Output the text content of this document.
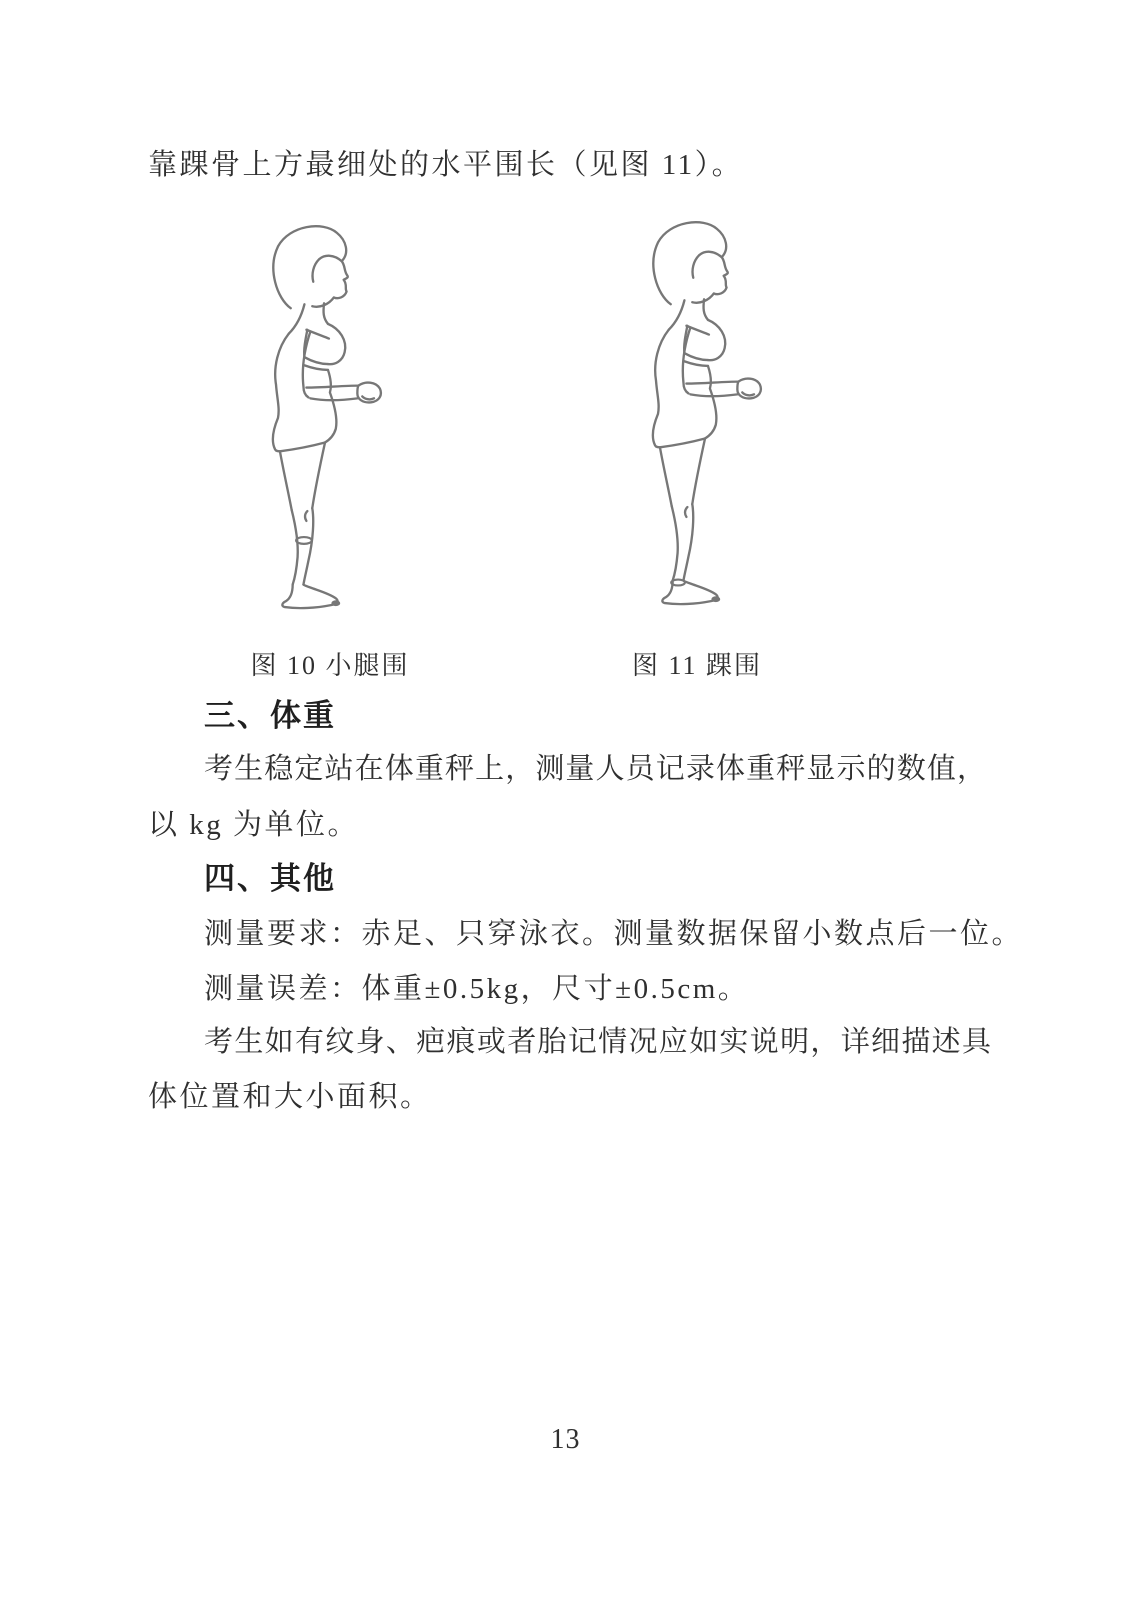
靠踝骨上方最细处的水平围长（见图 11）。
图 10 小腿围	图 11 踝围
三、体重
考生稳定站在体重秤上，测量人员记录体重秤显示的数值，
以 kg 为单位。
四、其他
测量要求：赤足、只穿泳衣。测量数据保留小数点后一位。
测量误差：体重±0.5kg，尺寸±0.5cm。
考生如有纹身、疤痕或者胎记情况应如实说明，详细描述具
体位置和大小面积。
13
